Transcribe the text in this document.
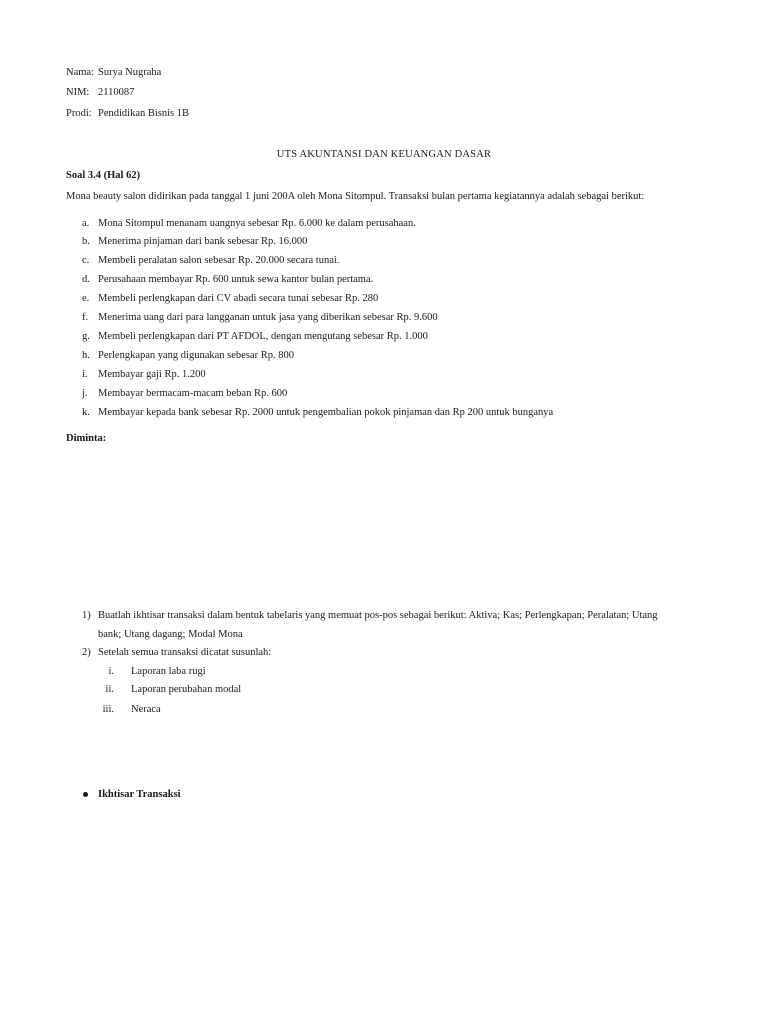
Nama: Surya Nugraha
NIM: 2110087
Prodi: Pendidikan Bisnis 1B
UTS AKUNTANSI DAN KEUANGAN DASAR
Soal 3.4 (Hal 62)
Mona beauty salon didirikan pada tanggal 1 juni 200A oleh Mona Sitompul. Transaksi bulan pertama kegiatannya adalah sebagai berikut:
a. Mona Sitompul menanam uangnya sebesar Rp. 6.000 ke dalam perusahaan.
b. Menerima pinjaman dari bank sebesar Rp. 16.000
c. Membeli peralatan salon sebesar Rp. 20.000 secara tunai.
d. Perusahaan membayar Rp. 600 untuk sewa kantor bulan pertama.
e. Membeli perlengkapan dari CV abadi secara tunai sebesar Rp. 280
f. Menerima uang dari para langganan untuk jasa yang diberikan sebesar Rp. 9.600
g. Membeli perlengkapan dari PT AFDOL, dengan mengutang sebesar Rp. 1.000
h. Perlengkapan yang digunakan sebesar Rp. 800
i. Membayar gaji Rp. 1.200
j. Membayar bermacam-macam beban Rp. 600
k. Membayar kepada bank sebesar Rp. 2000 untuk pengembalian pokok pinjaman dan Rp 200 untuk bunganya
Diminta:
1) Buatlah ikhtisar transaksi dalam bentuk tabelaris yang memuat pos-pos sebagai berikut: Aktiva; Kas; Perlengkapan; Peralatan; Utang
bank; Utang dagang; Modal Mona
2) Setelah semua transaksi dicatat susunlah:
i. Laporan laba rugi
ii. Laporan perubahan modal
iii. Neraca
Ikhtisar Transaksi
